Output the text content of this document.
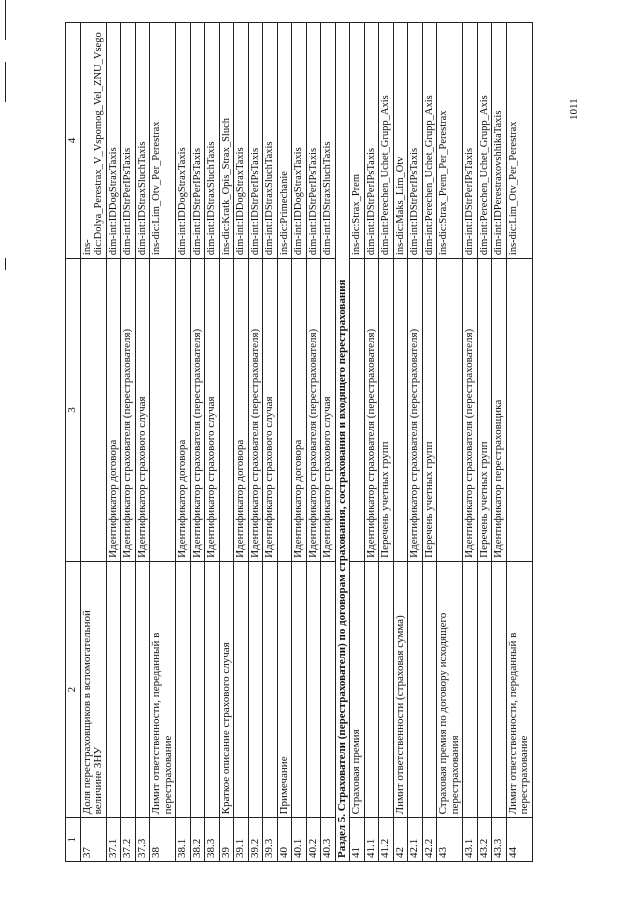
1011
1	2	3	4
37	Доля перестраховщиков в вспомогательной величине ЗНУ		ins-dic:Dolya_Perestrax_V_Vspomog_Vel_ZNU_Vsego
37.1		Идентификатор договора	dim-int:IDDogStraxTaxis
37.2		Идентификатор страхователя (перестрахователя)	dim-int:IDStrPerIPsTaxis
37.3		Идентификатор страхового случая	dim-int:IDStraxSluchTaxis
38	Лимит ответственности, переданный в перестрахование		ins-dic:Lim_Otv_Per_Perestrax
38.1		Идентификатор договора	dim-int:IDDogStraxTaxis
38.2		Идентификатор страхователя (перестрахователя)	dim-int:IDStrPerIPsTaxis
38.3		Идентификатор страхового случая	dim-int:IDStraxSluchTaxis
39	Краткое описание страхового случая		ins-dic:Kratk_Opis_Strax_Sluch
39.1		Идентификатор договора	dim-int:IDDogStraxTaxis
39.2		Идентификатор страхователя (перестрахователя)	dim-int:IDStrPerIPsTaxis
39.3		Идентификатор страхового случая	dim-int:IDStraxSluchTaxis
40	Примечание		ins-dic:Primechanie
40.1		Идентификатор договора	dim-int:IDDogStraxTaxis
40.2		Идентификатор страхователя (перестрахователя)	dim-int:IDStrPerIPsTaxis
40.3		Идентификатор страхового случая	dim-int:IDStraxSluchTaxis
Раздел 5. Страхователи (перестрахователи) по договорам страхования, сострахования и входящего перестрахования			
41	Страховая премия		ins-dic:Strax_Prem
41.1		Идентификатор страхователя (перестрахователя)	dim-int:IDStrPerIPsTaxis
41.2		Перечень учетных групп	dim-int:Perechen_Uchet_Grupp_Axis
42	Лимит ответственности (страховая сумма)		ins-dic:Maks_Lim_Otv
42.1		Идентификатор страхователя (перестрахователя)	dim-int:IDStrPerIPsTaxis
42.2		Перечень учетных групп	dim-int:Perechen_Uchet_Grupp_Axis
43	Страховая премия по договору исходящего перестрахования		ins-dic:Strax_Prem_Per_Perestrax
43.1		Идентификатор страхователя (перестрахователя)	dim-int:IDStrPerIPsTaxis
43.2		Перечень учетных групп	dim-int:Perechen_Uchet_Grupp_Axis
43.3		Идентификатор перестраховщика	dim-int:IDPerestraxovshhikaTaxis
44	Лимит ответственности, переданный в перестрахование		ins-dic:Lim_Otv_Per_Perestrax
